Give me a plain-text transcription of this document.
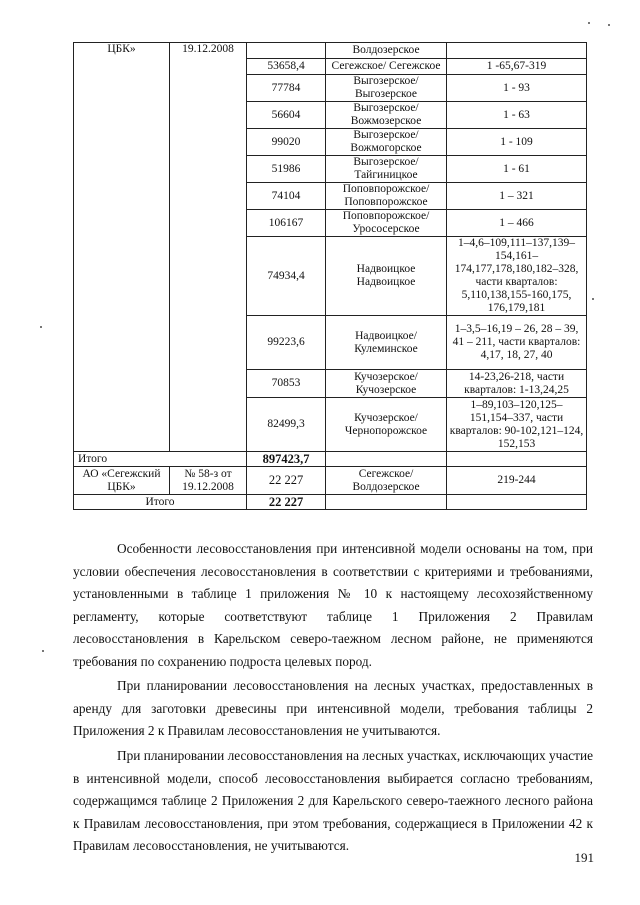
ЦБК»	19.12.2008		Волдозерское	
		53658,4	Сегежское/ Сегежское	1 -65,67-319
		77784	Выгозерское/ Выгозерское	1 - 93
		56604	Выгозерское/ Вожмозерское	1 - 63
		99020	Выгозерское/ Вожмогорское	1 - 109
		51986	Выгозерское/ Тайгиницкое	1 - 61
		74104	Поповпорожское/ Поповпорожское	1 – 321
		106167	Поповпорожское/ Урососерское	1 – 466
		74934,4	Надвоицкое Надвоицкое	1–4,6–109,111–137,139–154,161–174,177,178,180,182–328, части кварталов: 5,110,138,155-160,175, 176,179,181
		99223,6	Надвоицкое/ Кулеминское	1–3,5–16,19 – 26, 28 – 39, 41 – 211, части кварталов: 4,17, 18, 27, 40
		70853	Кучозерское/ Кучозерское	14-23,26-218, части кварталов: 1-13,24,25
		82499,3	Кучозерское/ Чернопорожское	1–89,103–120,125–151,154–337, части кварталов: 90-102,121–124, 152,153
Итого		897423,7		
АО «Сегежский ЦБК»	№ 58-з от 19.12.2008	22 227	Сегежское/ Волдозерское	219-244
Итого		22 227		

Особенности лесовосстановления при интенсивной модели основаны на том, при условии обеспечения лесовосстановления в соответствии с критериями и требованиями, установленными в таблице 1 приложения № 10 к настоящему лесохозяйственному регламенту, которые соответствуют таблице 1 Приложения 2 Правилам лесовосстановления в Карельском северо-таежном лесном районе, не применяются требования по сохранению подроста целевых пород.

При планировании лесовосстановления на лесных участках, предоставленных в аренду для заготовки древесины при интенсивной модели, требования таблицы 2 Приложения 2 к Правилам лесовосстановления не учитываются.

При планировании лесовосстановления на лесных участках, исключающих участие в интенсивной модели, способ лесовосстановления выбирается согласно требованиям, содержащимся таблице 2 Приложения 2 для Карельского северо-таежного лесного района к Правилам лесовосстановления, при этом требования, содержащиеся в Приложении 42 к Правилам лесовосстановления, не учитываются.

191
